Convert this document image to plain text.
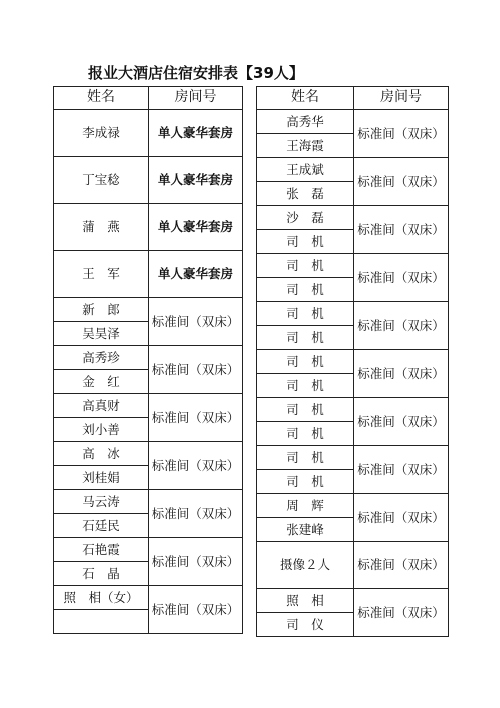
报业大酒店住宿安排表【39人】
姓名	房间号
李成禄	单人豪华套房
丁宝稔	单人豪华套房
蒲　燕	单人豪华套房
王　军	单人豪华套房
新　郎	标准间（双床）
吴昊泽	
高秀珍	标准间（双床）
金　红	
高真财	标准间（双床）
刘小善	
高　冰	标准间（双床）
刘桂娟	
马云涛	标准间（双床）
石廷民	
石艳霞	标准间（双床）
石　晶	
照　相（女）	标准间（双床）

姓名	房间号
高秀华	标准间（双床）
王海霞	
王成斌	标准间（双床）
张　磊	
沙　磊	标准间（双床）
司　机	
司　机	标准间（双床）
司　机	
司　机	标准间（双床）
司　机	
司　机	标准间（双床）
司　机	
司　机	标准间（双床）
司　机	
司　机	标准间（双床）
司　机	
周　辉	标准间（双床）
张建峰	
摄像２人	标准间（双床）

照　相	标准间（双床）
司　仪	
